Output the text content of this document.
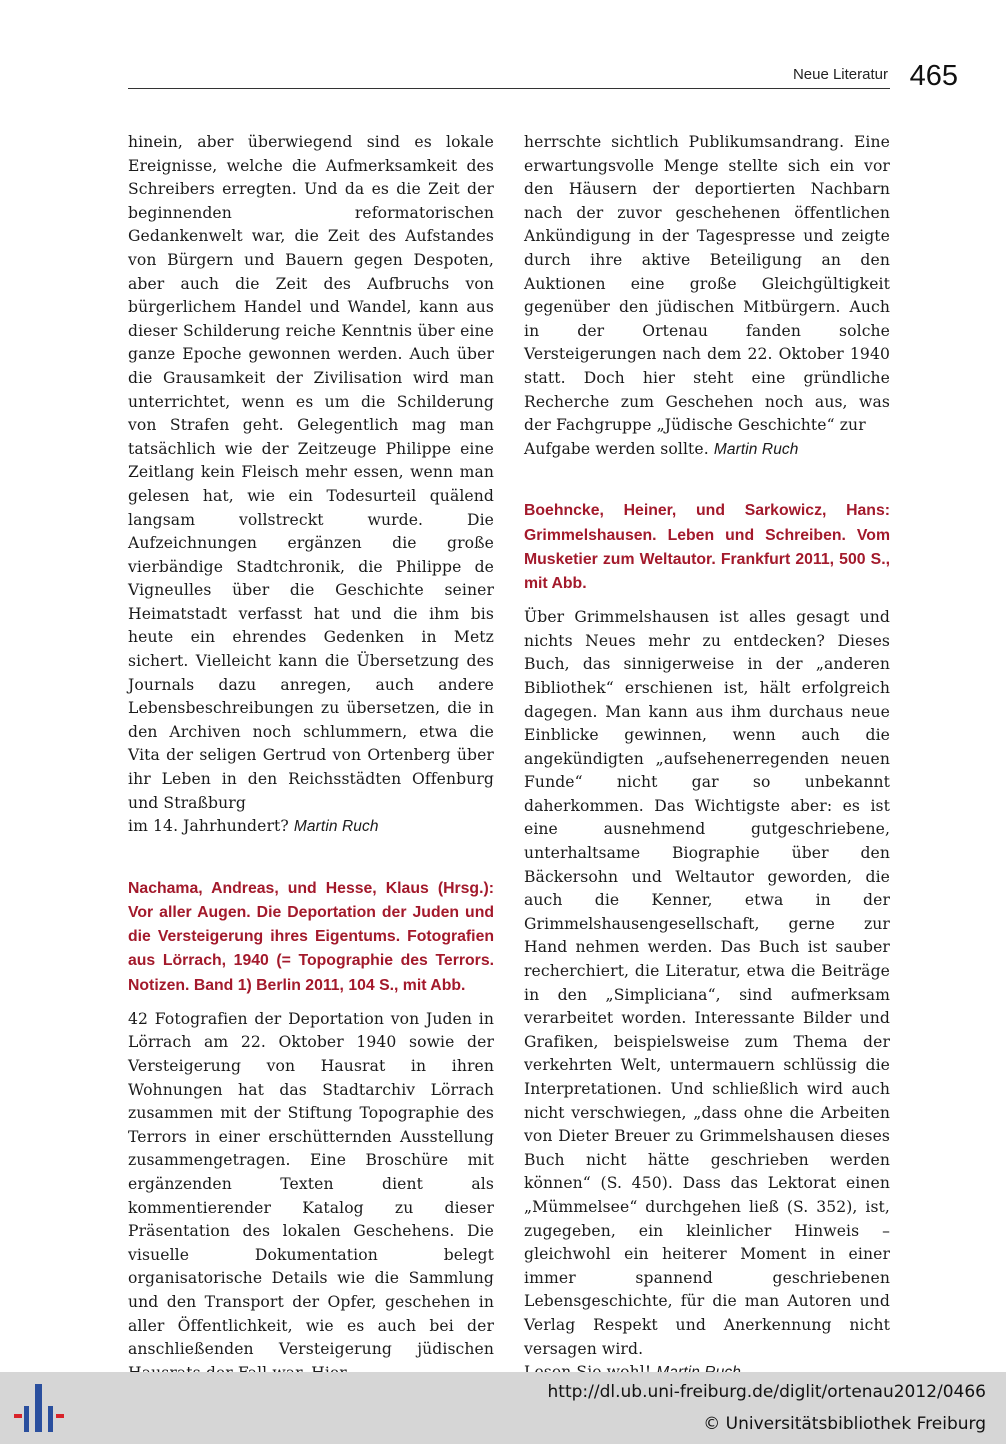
Neue Literatur 465

hinein, aber überwiegend sind es lokale Ereignisse, welche die Aufmerksamkeit des Schreibers erregten. Und da es die Zeit der beginnenden reformatorischen Gedankenwelt war, die Zeit des Aufstandes von Bürgern und Bauern gegen Despoten, aber auch die Zeit des Aufbruchs von bürgerlichem Handel und Wandel, kann aus dieser Schilderung reiche Kenntnis über eine ganze Epoche gewonnen werden. Auch über die Grausamkeit der Zivilisation wird man unterrichtet, wenn es um die Schilderung von Strafen geht. Gelegentlich mag man tatsächlich wie der Zeitzeuge Philippe eine Zeitlang kein Fleisch mehr essen, wenn man gelesen hat, wie ein Todesurteil quälend langsam vollstreckt wurde. Die Aufzeichnungen ergänzen die große vierbändige Stadtchronik, die Philippe de Vigneulles über die Geschichte seiner Heimatstadt verfasst hat und die ihm bis heute ein ehrendes Gedenken in Metz sichert. Vielleicht kann die Übersetzung des Journals dazu anregen, auch andere Lebensbeschreibungen zu übersetzen, die in den Archiven noch schlummern, etwa die Vita der seligen Gertrud von Ortenberg über ihr Leben in den Reichsstädten Offenburg und Straßburg

im 14. Jahrhundert? Martin Ruch
Nachama, Andreas, und Hesse, Klaus (Hrsg.): Vor aller Augen. Die Deportation der Juden und die Versteigerung ihres Eigentums. Fotografien aus Lörrach, 1940 (= Topographie des Terrors. Notizen. Band 1) Berlin 2011, 104 S., mit Abb.

42 Fotografien der Deportation von Juden in Lörrach am 22. Oktober 1940 sowie der Versteigerung von Hausrat in ihren Wohnungen hat das Stadtarchiv Lörrach zusammen mit der Stiftung Topographie des Terrors in einer erschütternden Ausstellung zusammengetragen. Eine Broschüre mit ergänzenden Texten dient als kommentierender Katalog zu dieser Präsentation des lokalen Geschehens. Die visuelle Dokumentation belegt organisatorische Details wie die Sammlung und den Transport der Opfer, geschehen in aller Öffentlichkeit, wie es auch bei der anschließenden Versteigerung jüdischen

herrschte sichtlich Publikumsandrang. Eine erwartungsvolle Menge stellte sich ein vor den Häusern der deportierten Nachbarn nach der zuvor geschehenen öffentlichen Ankündigung in der Tagespresse und zeigte durch ihre aktive Beteiligung an den Auktionen eine große Gleichgültigkeit gegenüber den jüdischen Mitbürgern. Auch in der Ortenau fanden solche Versteigerungen nach dem 22. Oktober 1940 statt. Doch hier steht eine gründliche Recherche zum Geschehen noch aus, was der Fachgruppe „Jüdische Geschichte“ zur

Aufgabe werden sollte. Martin Ruch
Boehncke, Heiner, und Sarkowicz, Hans: Grimmelshausen. Leben und Schreiben. Vom Musketier zum Weltautor. Frankfurt 2011, 500 S., mit Abb.

Über Grimmelshausen ist alles gesagt und nichts Neues mehr zu entdecken? Dieses Buch, das sinnigerweise in der „anderen Bibliothek“ erschienen ist, hält erfolgreich dagegen. Man kann aus ihm durchaus neue Einblicke gewinnen, wenn auch die angekündigten „aufsehenerregenden neuen Funde“ nicht gar so unbekannt daherkommen. Das Wichtigste aber: es ist eine ausnehmend gutgeschriebene, unterhaltsame Biographie über den Bäckersohn und Weltautor geworden, die auch die Kenner, etwa in der Grimmelshausengesellschaft, gerne zur Hand nehmen werden. Das Buch ist sauber recherchiert, die Literatur, etwa die Beiträge in den „Simpliciana“, sind aufmerksam verarbeitet worden. Interessante Bilder und Grafiken, beispielsweise zum Thema der verkehrten Welt, untermauern schlüssig die Interpretationen. Und schließlich wird auch nicht verschwiegen, „dass ohne die Arbeiten von Dieter Breuer zu Grimmelshausen dieses Buch nicht hätte geschrieben werden können“ (S. 450). Dass das Lektorat einen „Mümmelsee“ durchgehen ließ (S. 352), ist, zugegeben, ein kleinlicher Hinweis – gleichwohl ein heiterer Moment in einer immer spannend geschriebenen Lebensgeschichte, für die man Autoren und Verlag Respekt und Anerkennung nicht versagen wird.

http://dl.ub.uni-freiburg.de/diglit/ortenau2012/0466
© Universitätsbibliothek Freiburg
